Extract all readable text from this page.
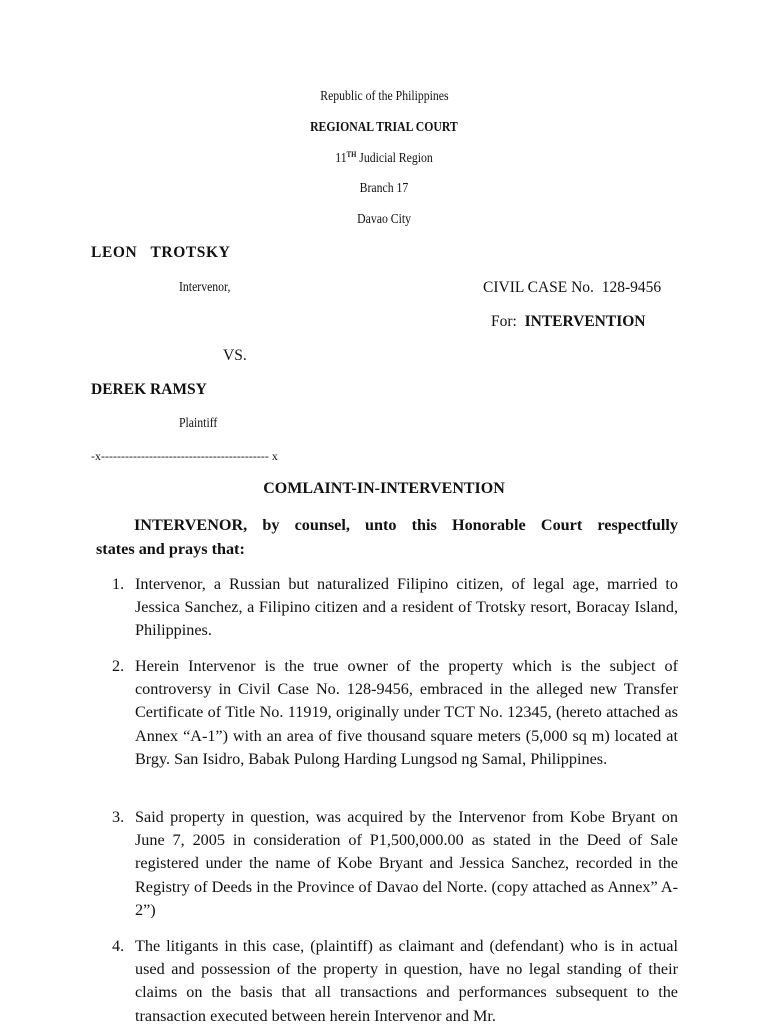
Republic of the Philippines
REGIONAL TRIAL COURT
11TH Judicial Region
Branch 17
Davao City
LEON   TROTSKY
Intervenor,	CIVIL CASE No. 128-9456
For: INTERVENTION
VS.
DEREK RAMSY
Plaintiff
-x------------------------------------------ x
COMLAINT-IN-INTERVENTION
INTERVENOR, by counsel, unto this Honorable Court respectfully
states and prays that:
1. Intervenor, a Russian but naturalized Filipino citizen, of legal age, married to Jessica Sanchez, a Filipino citizen and a resident of Trotsky resort, Boracay Island, Philippines.
2. Herein Intervenor is the true owner of the property which is the subject of controversy in Civil Case No. 128-9456, embraced in the alleged new Transfer Certificate of Title No. 11919, originally under TCT No. 12345, (hereto attached as Annex “A-1”) with an area of five thousand square meters (5,000 sq m) located at Brgy. San Isidro, Babak Pulong Harding Lungsod ng Samal, Philippines.
3. Said property in question, was acquired by the Intervenor from Kobe Bryant on June 7, 2005 in consideration of P1,500,000.00 as stated in the Deed of Sale registered under the name of Kobe Bryant and Jessica Sanchez, recorded in the Registry of Deeds in the Province of Davao del Norte. (copy attached as Annex” A-2”)
4. The litigants in this case, (plaintiff) as claimant and (defendant) who is in actual used and possession of the property in question, have no legal standing of their claims on the basis that all transactions and performances subsequent to the transaction executed between herein Intervenor and Mr.
